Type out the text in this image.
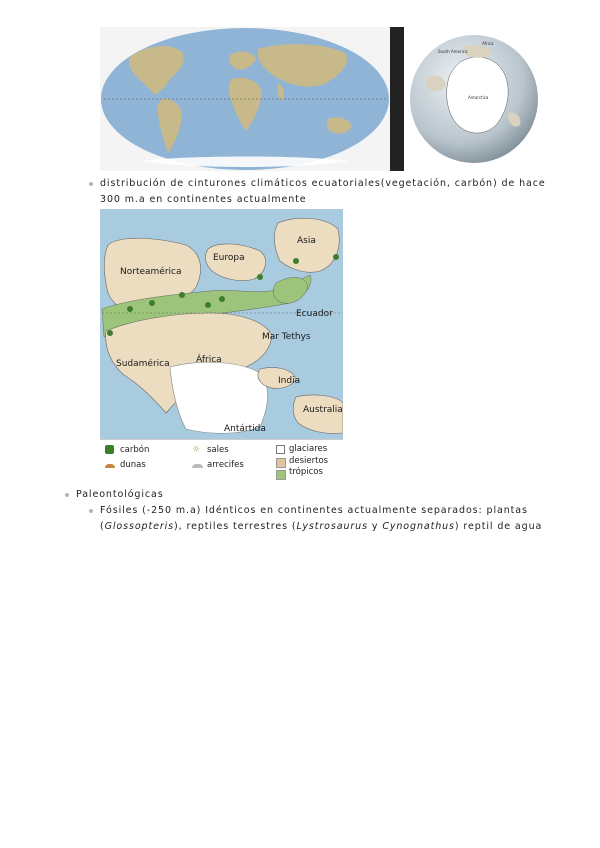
South America
Africa
Antarctica
distribución de cinturones climáticos ecuatoriales(vegetación, carbón) de hace
300 m.a en continentes actualmente
Asia
Europa
Norteamérica
Ecuador
Mar Tethys
África
Sudamérica
India
Australia
Antártida
carbón
dunas
☼ sales
arrecifes
glaciares
desiertos
trópicos
Paleontológicas
Fósiles (-250 m.a) Idénticos en continentes actualmente separados: plantas
(Glossopteris), reptiles terrestres (Lystrosaurus y Cynognathus) reptil de agua
